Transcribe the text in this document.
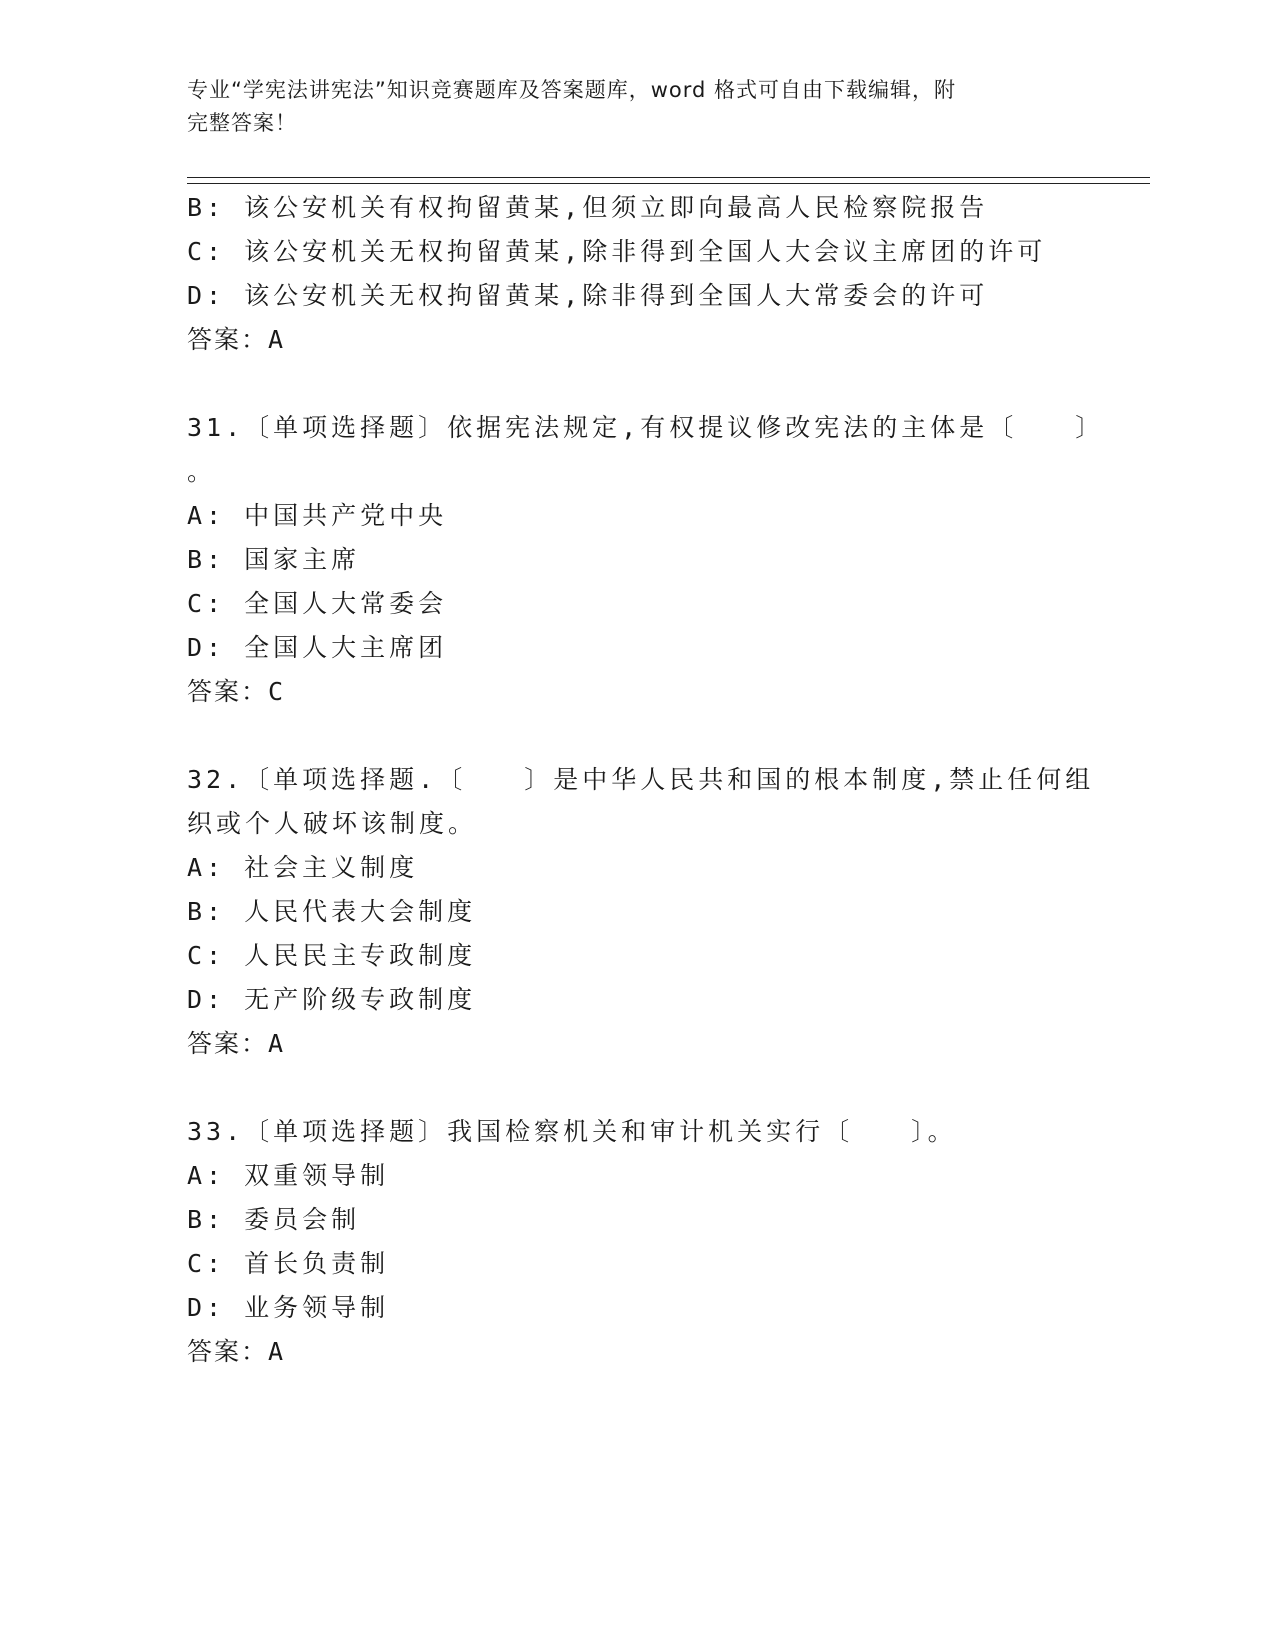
专业“学宪法讲宪法”知识竞赛题库及答案题库，word 格式可自由下载编辑，附
完整答案！
B: 该公安机关有权拘留黄某,但须立即向最高人民检察院报告
C: 该公安机关无权拘留黄某,除非得到全国人大会议主席团的许可
D: 该公安机关无权拘留黄某,除非得到全国人大常委会的许可
答案：A
31.〔单项选择题〕依据宪法规定,有权提议修改宪法的主体是〔　　〕
。
A: 中国共产党中央
B: 国家主席
C: 全国人大常委会
D: 全国人大主席团
答案：C
32.〔单项选择题.〔　　〕是中华人民共和国的根本制度,禁止任何组
织或个人破坏该制度。
A: 社会主义制度
B: 人民代表大会制度
C: 人民民主专政制度
D: 无产阶级专政制度
答案：A
33.〔单项选择题〕我国检察机关和审计机关实行〔　　〕。
A: 双重领导制
B: 委员会制
C: 首长负责制
D: 业务领导制
答案：A
